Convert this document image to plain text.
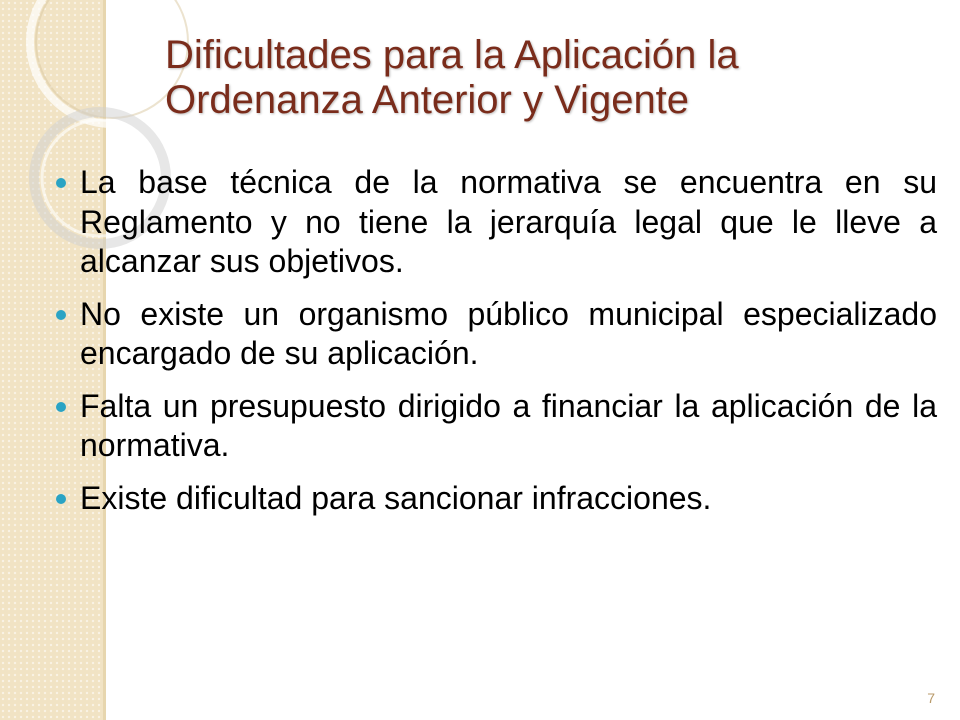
Dificultades para la Aplicación la
Ordenanza Anterior y Vigente
La base técnica de la normativa se encuentra en su Reglamento y no tiene la jerarquía legal que le lleve a alcanzar sus objetivos.
No existe un organismo público municipal especializado encargado de su aplicación.
Falta un presupuesto dirigido a financiar la aplicación de la normativa.
Existe dificultad para sancionar infracciones.
7
